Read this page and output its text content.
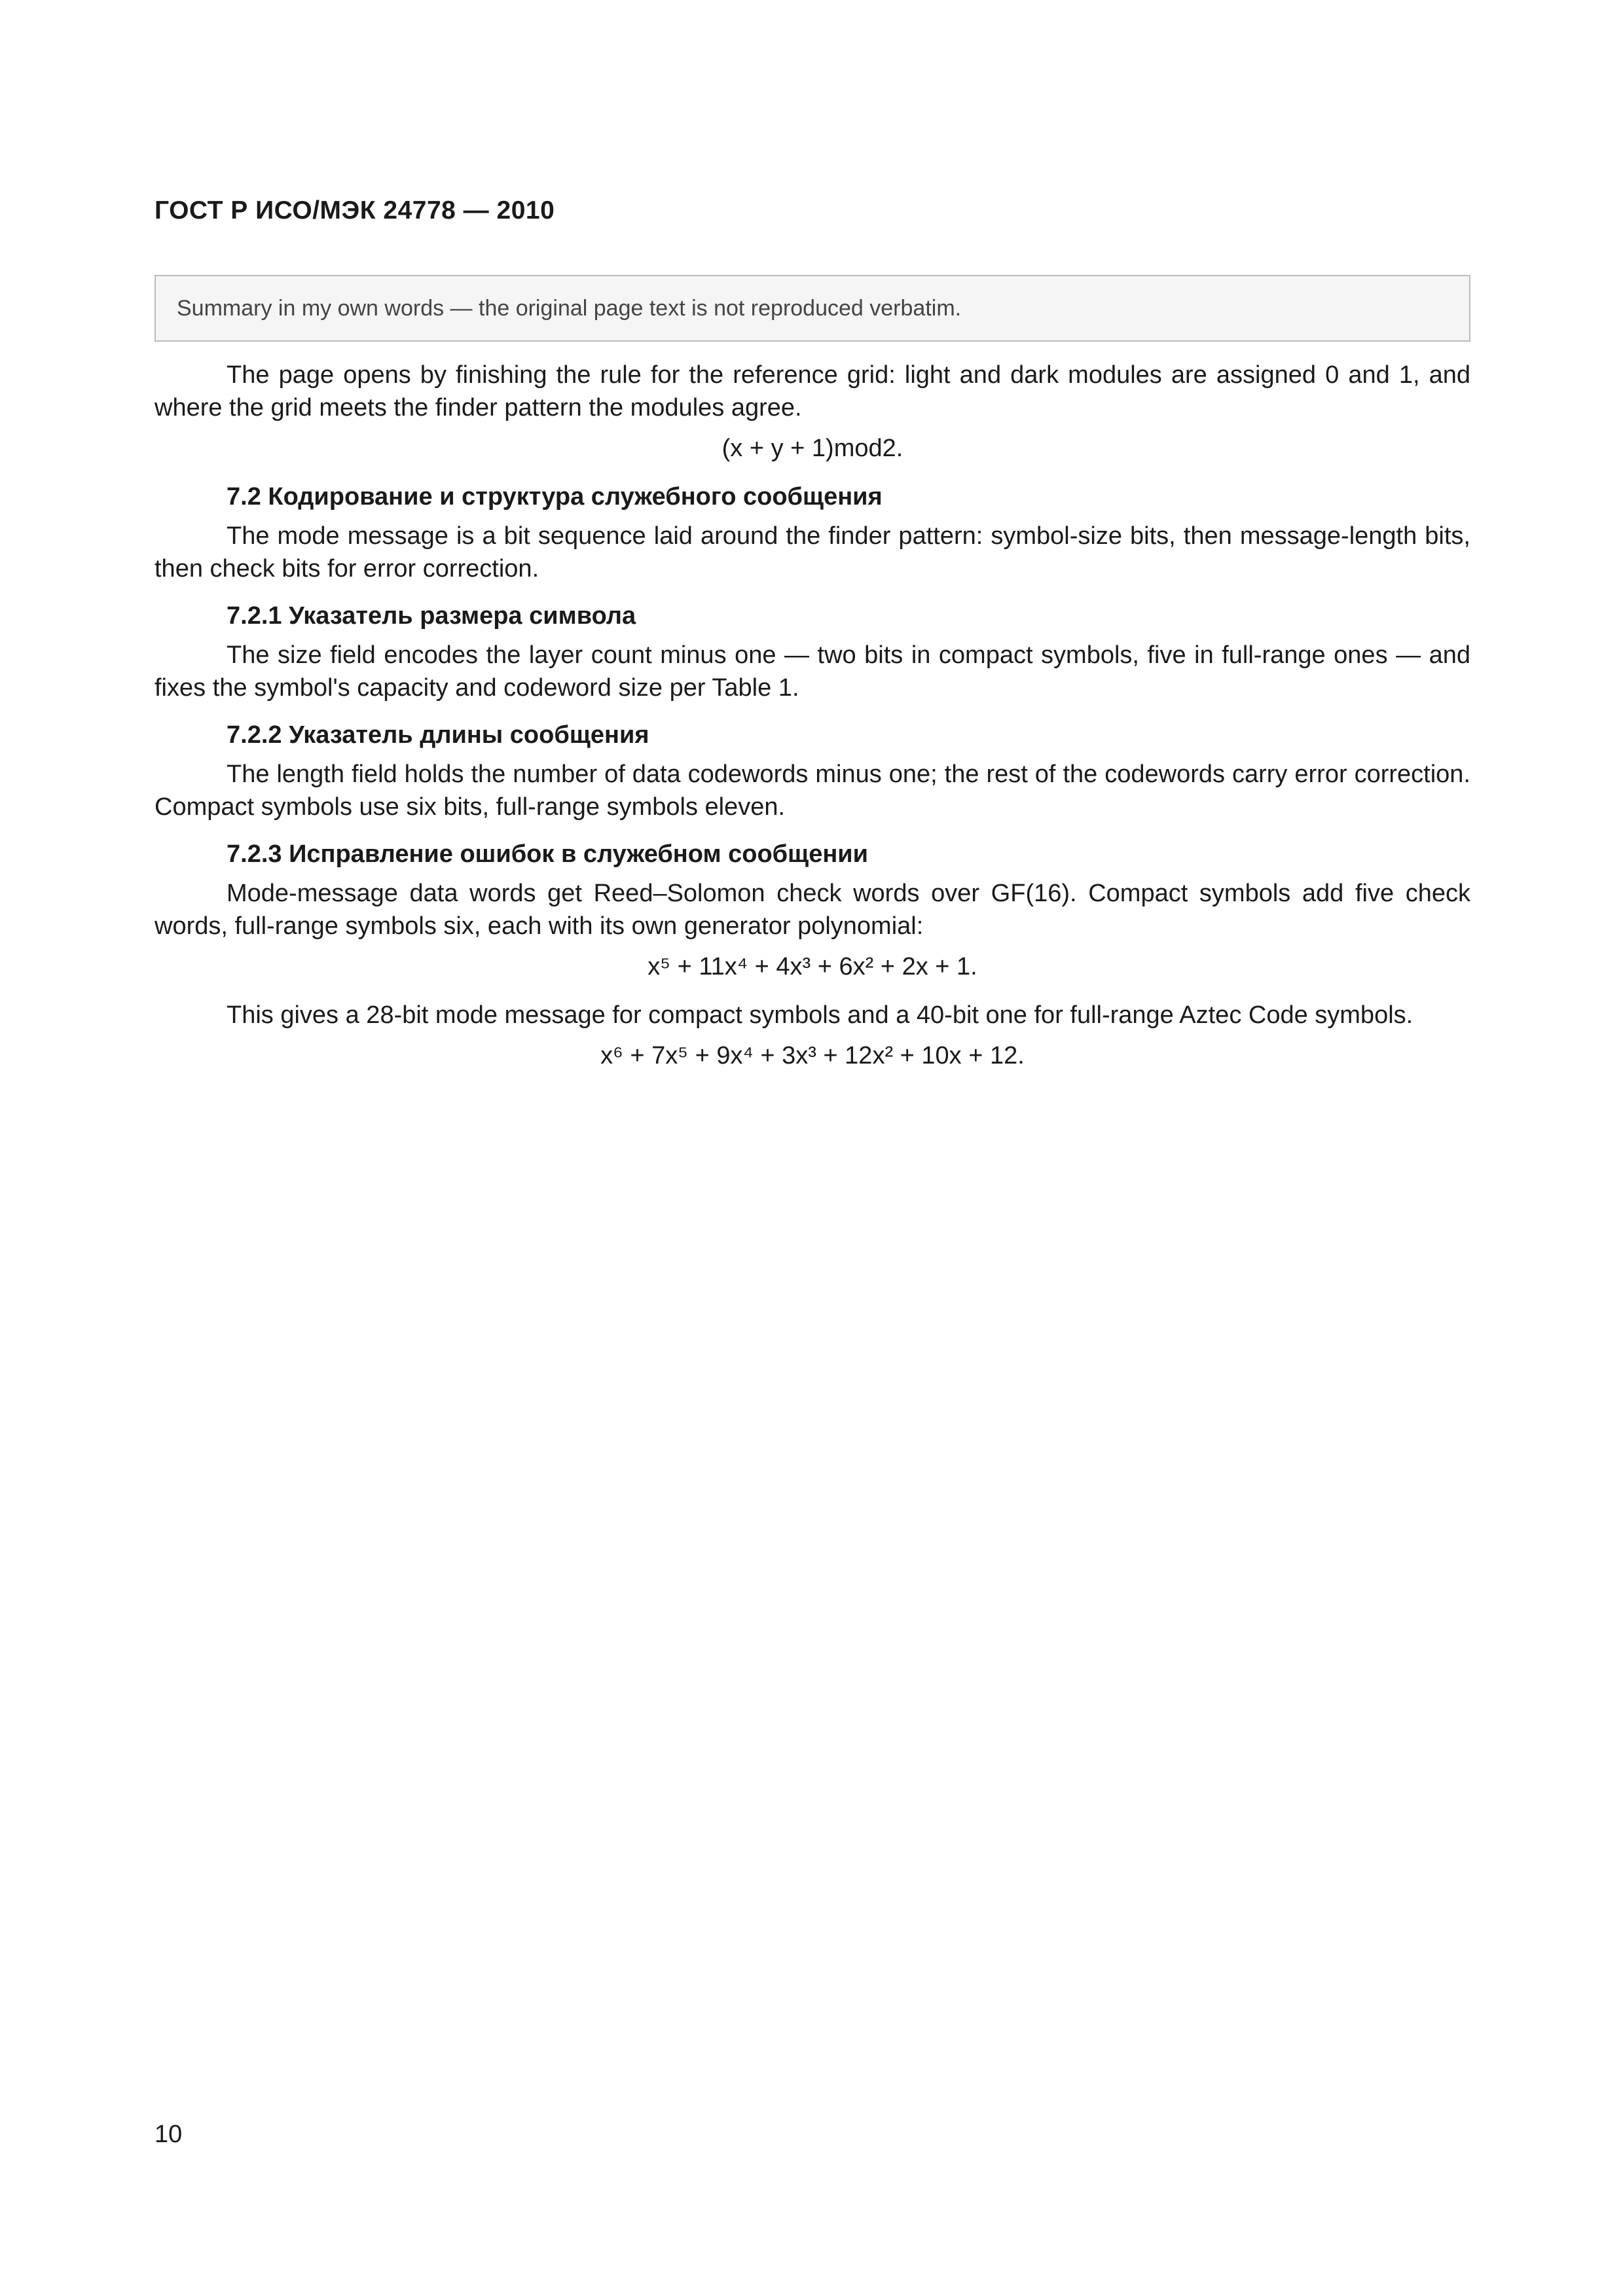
ГОСТ Р ИСО/МЭК 24778 — 2010
Summary in my own words — the original page text is not reproduced verbatim.

The page opens by finishing the rule for the reference grid: light and dark modules are assigned 0 and 1, and where the grid meets the finder pattern the modules agree.

(x + y + 1)mod2.
7.2 Кодирование и структура служебного сообщения

The mode message is a bit sequence laid around the finder pattern: symbol-size bits, then message-length bits, then check bits for error correction.

7.2.1 Указатель размера символа

The size field encodes the layer count minus one — two bits in compact symbols, five in full-range ones — and fixes the symbol's capacity and codeword size per Table 1.

7.2.2 Указатель длины сообщения

The length field holds the number of data codewords minus one; the rest of the codewords carry error correction. Compact symbols use six bits, full-range symbols eleven.

7.2.3 Исправление ошибок в служебном сообщении

Mode-message data words get Reed–Solomon check words over GF(16). Compact symbols add five check words, full-range symbols six, each with its own generator polynomial:

x⁵ + 11x⁴ + 4x³ + 6x² + 2x + 1.

This gives a 28-bit mode message for compact symbols and a 40-bit one for full-range Aztec Code symbols.

x⁶ + 7x⁵ + 9x⁴ + 3x³ + 12x² + 10x + 12.
10
